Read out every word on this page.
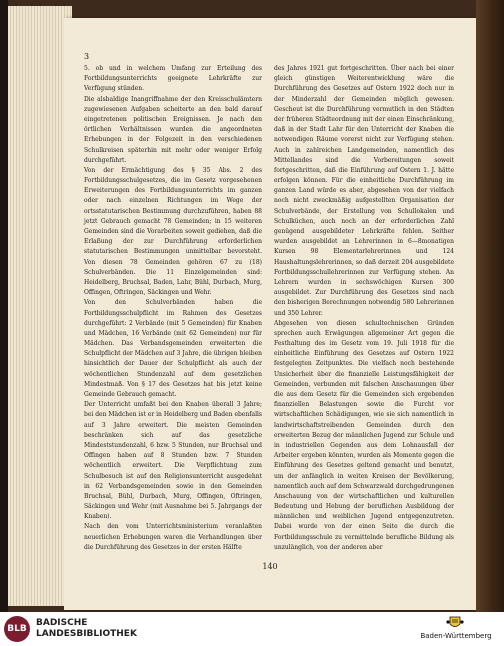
3

5. ob und in welchem Umfang zur Erteilung des Fortbildungsunterrichts geeignete Lehrkräfte zur Verfügung stünden.

Die alsbaldige Inangriffnahme der den Kreisschulämtern zugewiesenen Aufgaben scheiterte an den bald darauf eingetretenen politischen Ereignissen. Je nach den örtlichen Verhältnissen wurden die angeordneten Erhebungen in der Folgezeit in den verschiedenen Schulkreisen späterhin mit mehr oder weniger Erfolg durchgeführt.

Von der Ermächtigung des § 35 Abs. 2 des Fortbildungsschulgesetzes, die im Gesetz vorgesehenen Erweiterungen des Fortbildungsunterrichts im ganzen oder nach einzelnen Richtungen im Wege der ortsstatutarischen Bestimmung durchzuführen, haben 88 jetzt Gebrauch gemacht 78 Gemeinden; in 15 weiteren Gemeinden sind die Vorarbeiten soweit gediehen, daß die Erlaßung der zur Durchführung erforderlichen statutarischen Bestimmungen unmittelbar bevorsteht. Von diesen 78 Gemeinden gehören 67 zu (18) Schulverbänden. Die 11 Einzelgemeinden sind: Heidelberg, Bruchsal, Baden, Lahr, Bühl, Durbach, Murg, Offingen, Oftringen, Säckingen und Wehr.

Von den Schulverbänden haben die Fortbildungsschulpflicht im Rahmen des Gesetzes durchgeführt: 2 Verbände (mit 5 Gemeinden) für Knaben und Mädchen, 16 Verbände (mit 62 Gemeinden) nur für Mädchen. Das Verbandsgemeinden erweiterten die Schulpflicht der Mädchen auf 3 Jahre, die übrigen bleiben hinsichtlich der Dauer der Schulpflicht als auch der wöchentlichen Stundenzahl auf dem gesetzlichen Mindestmaß. Von § 17 des Gesetzes hat bis jetzt keine Gemeinde Gebrauch gemacht.

Der Unterricht umfaßt bei den Knaben überall 3 Jahre; bei den Mädchen ist er in Heidelberg und Baden ebenfalls auf 3 Jahre erweitert. Die meisten Gemeinden beschränken sich auf das gesetzliche Mindeststundenzahl, 6 bzw. 5 Stunden, nur Bruchsal und Offingen haben auf 8 Stunden bzw. 7 Stunden wöchentlich erweitert. Die Verpflichtung zum Schulbesuch ist auf den Religionsunterricht ausgedehnt in 62 Verbandsgemeinden sowie in den Gemeinden Bruchsal, Bühl, Durbach, Murg, Offingen, Oftringen, Säckingen und Wehr (mit Ausnahme bei 5. Jahrgangs der Knaben).

Nach den vom Unterrichtsministerium veranlaßten neuerlichen Erhebungen waren die Verhandlungen über die Durchführung des Gesetzes in der ersten Hälfte

des Jahres 1921 gut fortgeschritten. Über nach bei einer gleich günstigen Weiterentwicklung wäre die Durchführung des Gesetzes auf Ostern 1922 doch nur in der Minderzahl der Gemeinden möglich gewesen. Gescheut ist die Durchführung vermutlich in den Städten der früheren Städteordnung mit der einen Einschränkung, daß in der Stadt Lahr für den Unterricht der Knaben die notwendigen Räume vorerst nicht zur Verfügung stehen. Auch in zahlreichen Landgemeinden, namentlich des Mittellandes sind die Vorbereitungen soweit fortgeschritten, daß die Einführung auf Ostern 1. J. hätte erfolgen können. Für die einheitliche Durchführung im ganzen Land würde es aber, abgesehen von der vielfach noch nicht zweckmäßig aufgestellten Organisation der Schulverbände, der Erstellung von Schullokalen und Schulküchen, auch noch an der erforderlichen Zahl genügend ausgebildeter Lehrkräfte fehlen. Seither wurden ausgebildet an Lehrerinnen in 6—8monatigen Kursen 98 Elementarlehrerinnen und 124 Haushaltungslehrerinnen, so daß derzeit 204 ausgebildete Fortbildungsschullehrerinnen zur Verfügung stehen. An Lehrern wurden in sechswöchigen Kursen 300 ausgebildet. Zur Durchführung des Gesetzes sind nach den bisherigen Berechnungen notwendig 580 Lehrerinnen und 350 Lehrer.

Abgesehen von diesen schultechnischen Gründen sprechen auch Erwägungen allgemeiner Art gegen die Festhaltung des im Gesetz vom 19. Juli 1918 für die einheitliche Einführung des Gesetzes auf Ostern 1922 festgelegten Zeitpunktes. Die vielfach noch bestehende Unsicherheit über die finanzielle Leistungsfähigkeit der Gemeinden, verbunden mit falschen Anschauungen über die aus dem Gesetz für die Gemeinden sich ergebenden finanziellen Belastungen sowie die Furcht vor wirtschaftlichen Schädigungen, wie sie sich namentlich in landwirtschaftstreibenden Gemeinden durch den erweiterten Bezug der männlichen Jugend zur Schule und in industriellen Gegenden aus dem Lohnausfall der Arbeiter ergeben könnten, wurden als Momente gegen die Einführung des Gesetzes geltend gemacht und benutzt, um der anfänglich in weiten Kreisen der Bevölkerung, namentlich auch auf dem Schwarzwald durchgedrungenen Anschauung von der wirtschaftlichen und kulturellen Bedeutung und Hebung der beruflichen Ausbildung der männlichen und weiblichen Jugend entgegenzutreten. Dabei wurde von der einen Seite die durch die Fortbildungsschule zu vermittelnde berufliche Bildung als unzulänglich, von der anderen aber

140
BLB
BADISCHE
LANDESBIBLIOTHEK	Baden-Württemberg
